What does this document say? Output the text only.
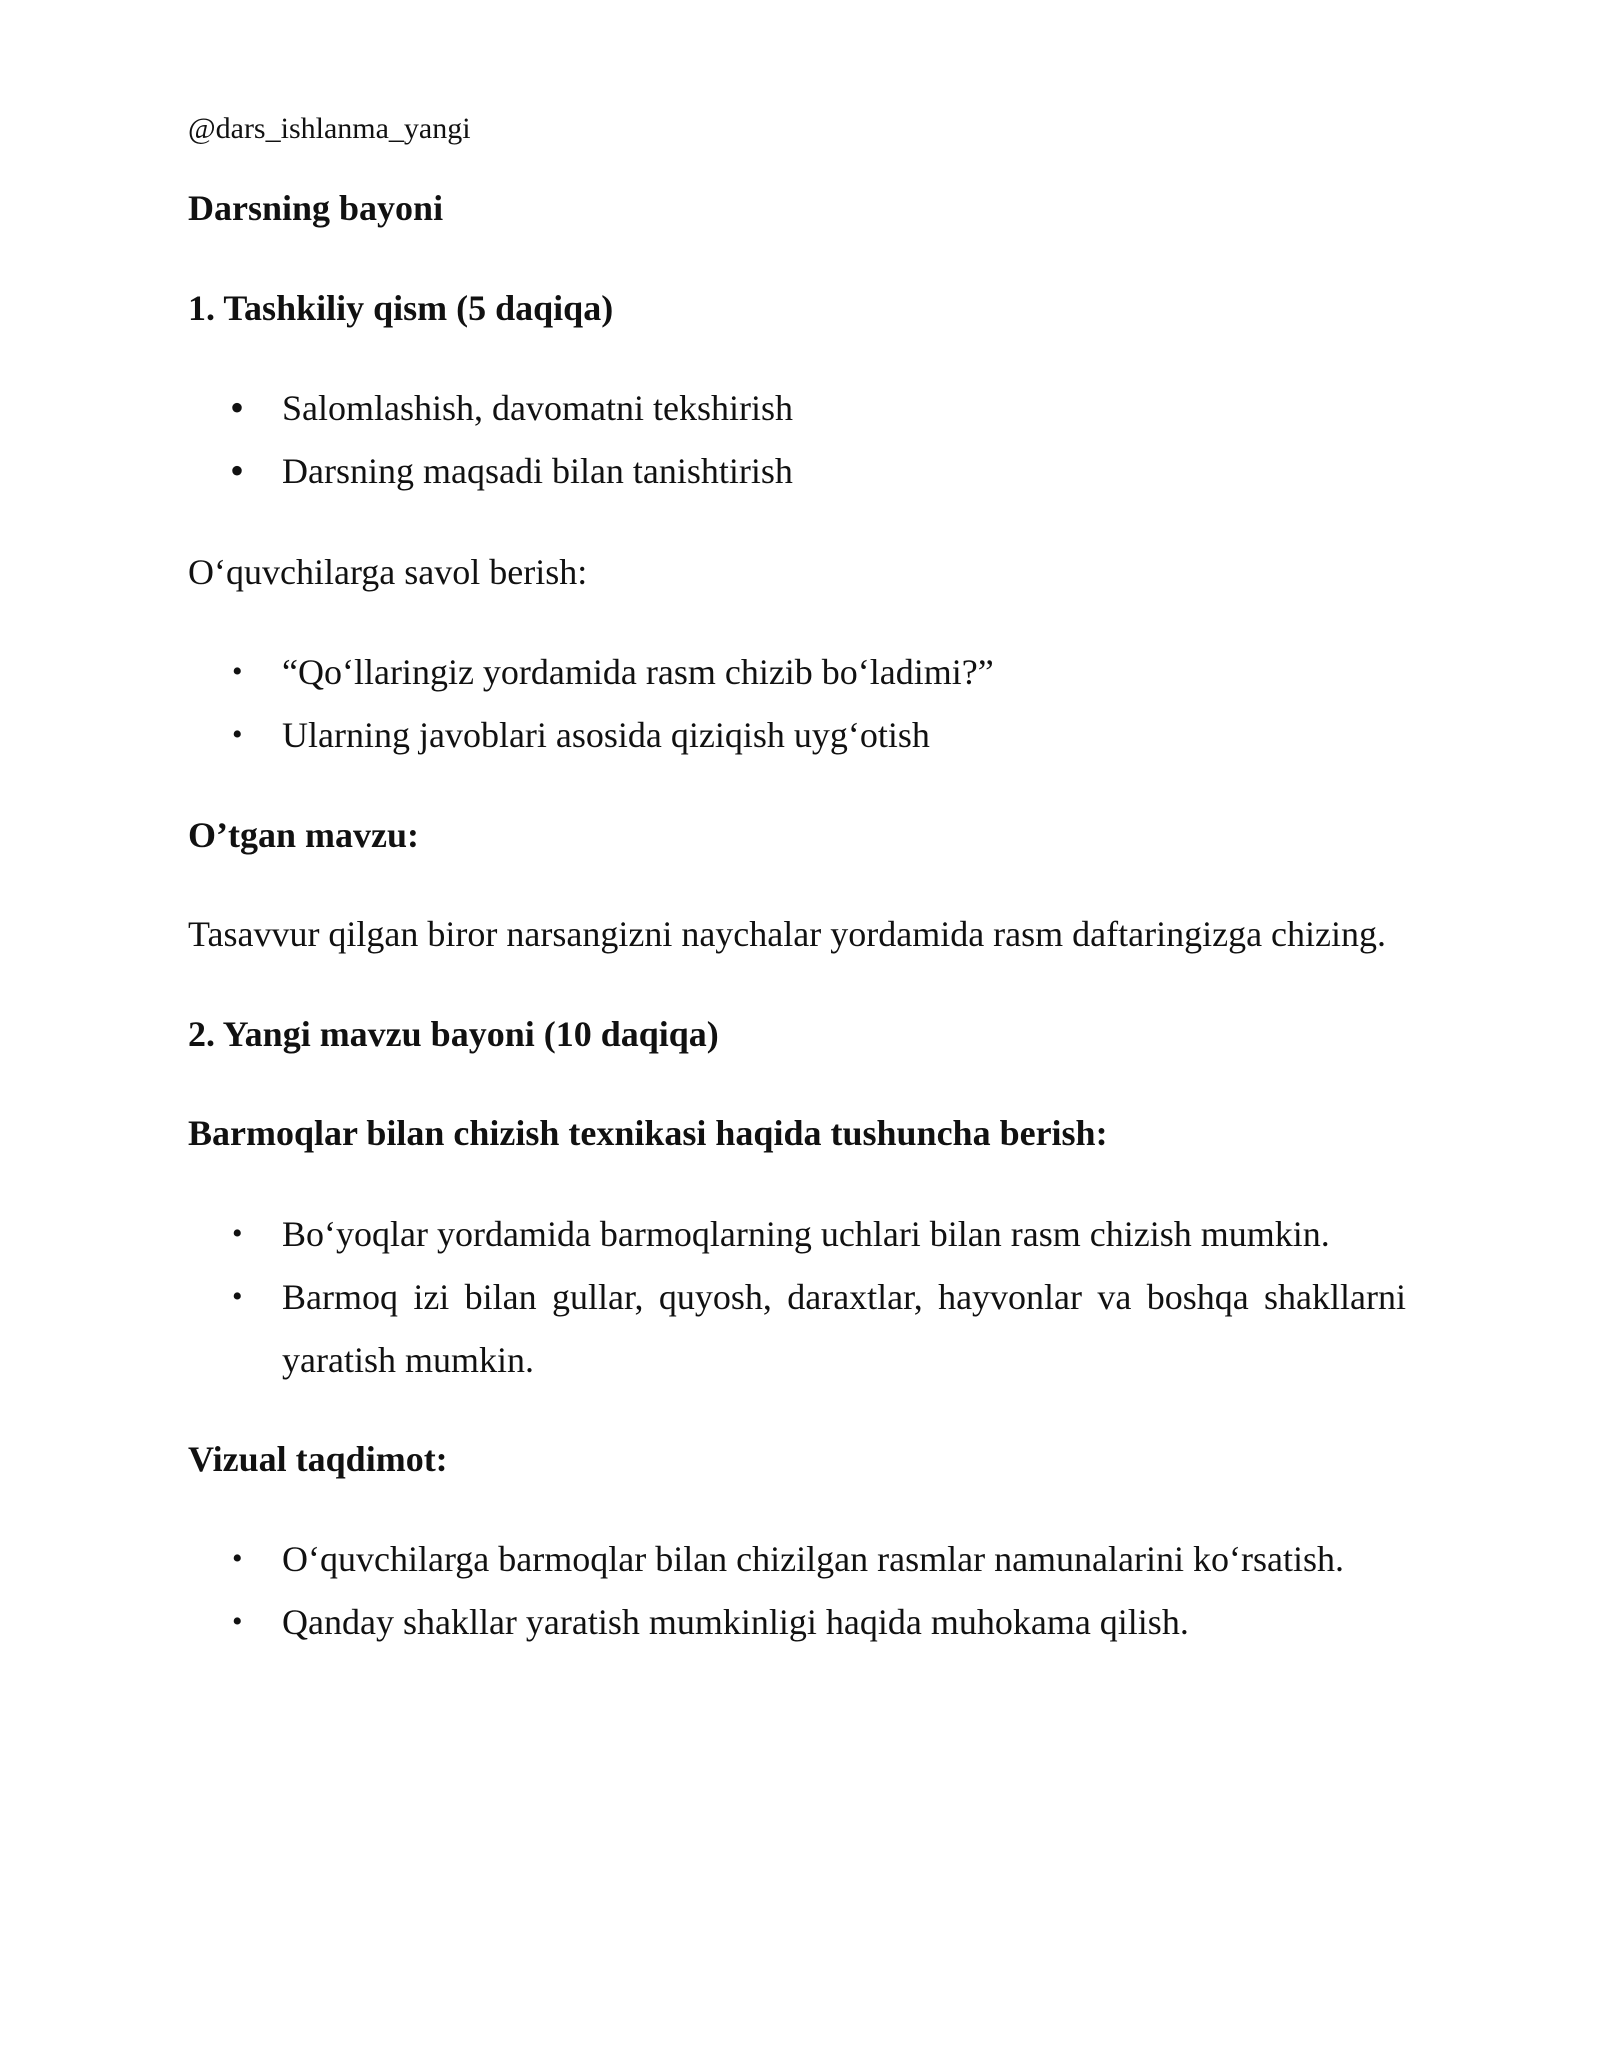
@dars_ishlanma_yangi
Darsning bayoni
1. Tashkiliy qism (5 daqiqa)
• Salomlashish, davomatni tekshirish
• Darsning maqsadi bilan tanishtirish
O‘quvchilarga savol berish:
• “Qo‘llaringiz yordamida rasm chizib bo‘ladimi?”
• Ularning javoblari asosida qiziqish uyg‘otish
O’tgan mavzu:
Tasavvur qilgan biror narsangizni naychalar yordamida rasm daftaringizga chizing.
2. Yangi mavzu bayoni (10 daqiqa)
Barmoqlar bilan chizish texnikasi haqida tushuncha berish:
• Bo‘yoqlar yordamida barmoqlarning uchlari bilan rasm chizish mumkin.
• Barmoq izi bilan gullar, quyosh, daraxtlar, hayvonlar va boshqa shakllarni
yaratish mumkin.
Vizual taqdimot:
• O‘quvchilarga barmoqlar bilan chizilgan rasmlar namunalarini ko‘rsatish.
• Qanday shakllar yaratish mumkinligi haqida muhokama qilish.
